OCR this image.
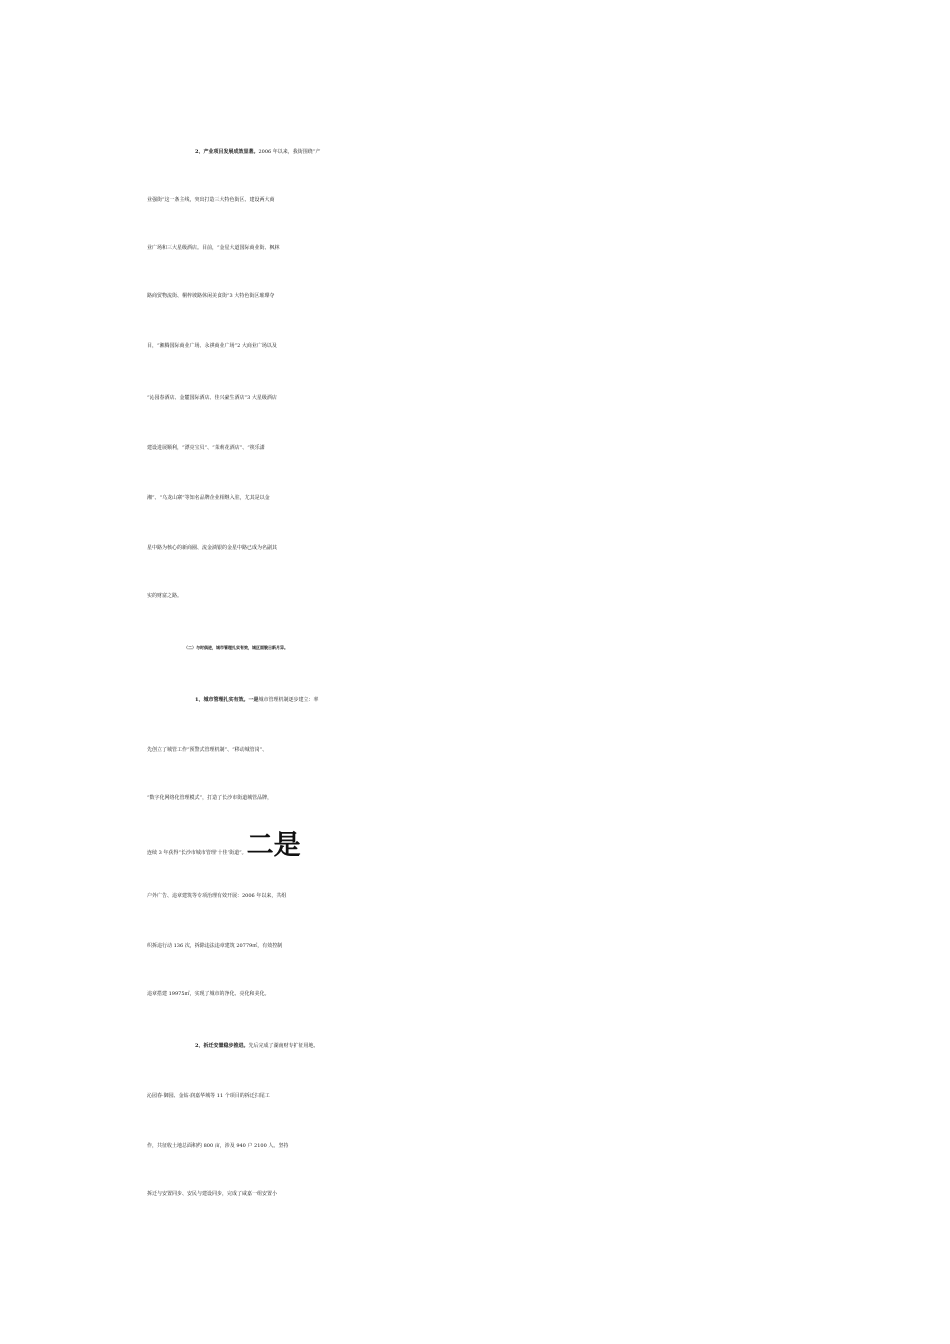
2、产业项目发展成效显著。2006 年以来，我街围绕“产
业强街”这一条主线，突出打造三大特色街区、建设两大商
业广场和三大星级酒店。目前，“金星大道国际商业街、枫林
路商贸物流街、桐梓坡路休闲美食街”3 大特色街区璀璨夺
目，“湘腾国际商业广场、永祺商业广场”2 大商业广场以及
“沁园春酒店、金麓国际酒店、佳兴豪生酒店”3 大星级酒店
建设进展顺利，“漂亮宝贝”、“茉莉花酒店”、“筷乐潇
湘”、“乌龙山寨”等知名品牌企业相继入驻，尤其是以金
星中路为核心的新商圈、流金淌银的金星中路已成为名副其
实的财富之路。
（二）与时俱进，城市管理扎实有效，城区面貌日新月异。
1、城市管理扎实有效。一是城市管理机制逐步建立：率
先创立了城管工作“预警式管理机制”、“移动城管岗”、
“数字化网络化管理模式”，打造了长沙市街道城管品牌，
连续 3 年获得“长沙市城市管理‘十佳’街道”。二是
户外广告、违章建筑等专项治理有效开展：2006 年以来，共组
织拆违行动 136 次，拆除违法违章建筑 20779㎡，有效控制
违章搭建 19975㎡，实现了城市的净化、亮化和美化。
2、拆迁安置稳步推进。先后完成了湖南财专扩征用地、
沁园春·御园、金钻·润嘉华城等 11 个项目的拆迁扫尾工
作，共征收土地总面积约 800 亩，涉及 940 户 2100 人。坚持
拆迁与安置同步、安民与建设同步，完成了咸嘉一组安置小
